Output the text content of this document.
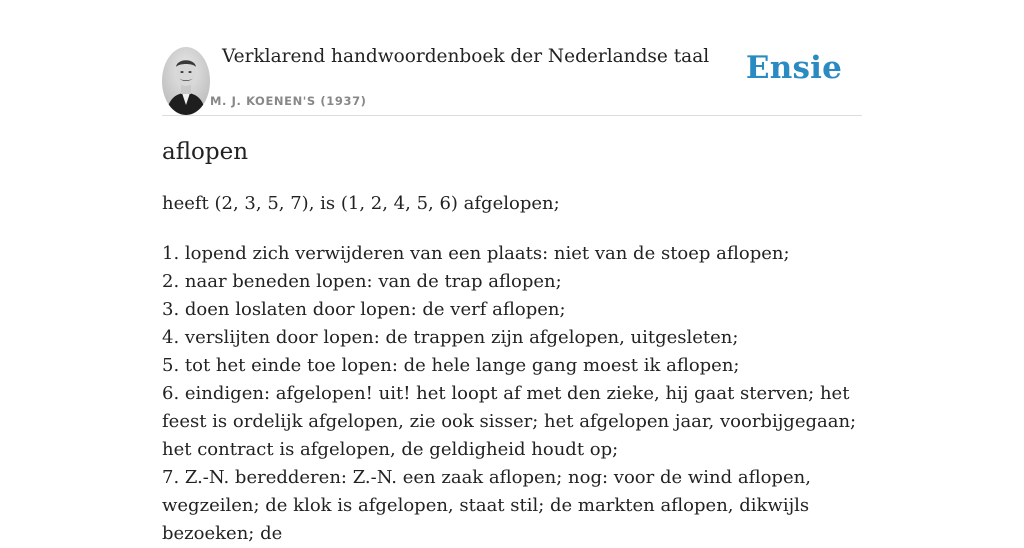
Verklarend handwoordenboek der Nederlandse taal
M. J. KOENEN'S (1937)
Ensie
aflopen
heeft (2, 3, 5, 7), is (1, 2, 4, 5, 6) afgelopen;
1. lopend zich verwijderen van een plaats: niet van de stoep aflopen;
2. naar beneden lopen: van de trap aflopen;
3. doen loslaten door lopen: de verf aflopen;
4. verslijten door lopen: de trappen zijn afgelopen, uitgesleten;
5. tot het einde toe lopen: de hele lange gang moest ik aflopen;
6. eindigen: afgelopen! uit! het loopt af met den zieke, hij gaat sterven; het feest is ordelijk afgelopen, zie ook sisser; het afgelopen jaar, voorbijgegaan; het contract is afgelopen, de geldigheid houdt op;
7. Z.-N. beredderen: Z.-N. een zaak aflopen; nog: voor de wind aflopen, wegzeilen; de klok is afgelopen, staat stil; de markten aflopen, dikwijls bezoeken; de
